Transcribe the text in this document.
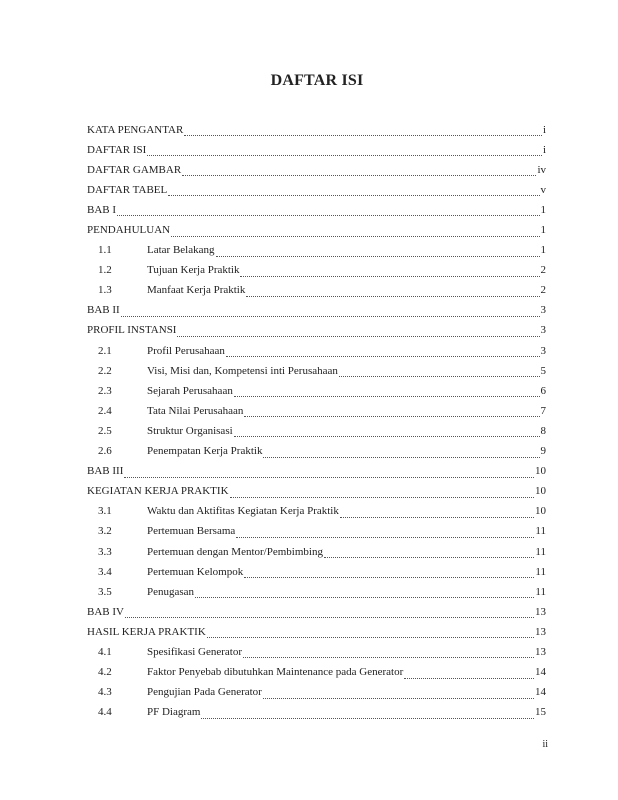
DAFTAR ISI
KATA PENGANTAR	i
DAFTAR ISI	i
DAFTAR GAMBAR	iv
DAFTAR TABEL	v
BAB I	1
PENDAHULUAN	1
1.1	Latar Belakang	1
1.2	Tujuan Kerja Praktik	2
1.3	Manfaat Kerja Praktik	2
BAB II	3
PROFIL INSTANSI	3
2.1	Profil Perusahaan	3
2.2	Visi, Misi dan, Kompetensi inti Perusahaan	5
2.3	Sejarah Perusahaan	6
2.4	Tata Nilai Perusahaan	7
2.5	Struktur Organisasi	8
2.6	Penempatan Kerja Praktik	9
BAB III	10
KEGIATAN KERJA PRAKTIK	10
3.1	Waktu dan Aktifitas Kegiatan Kerja Praktik	10
3.2	Pertemuan Bersama	11
3.3	Pertemuan dengan Mentor/Pembimbing	11
3.4	Pertemuan Kelompok	11
3.5	Penugasan	11
BAB IV	13
HASIL KERJA PRAKTIK	13
4.1	Spesifikasi Generator	13
4.2	Faktor Penyebab dibutuhkan Maintenance pada Generator	14
4.3	Pengujian Pada Generator	14
4.4	PF Diagram	15
ii
